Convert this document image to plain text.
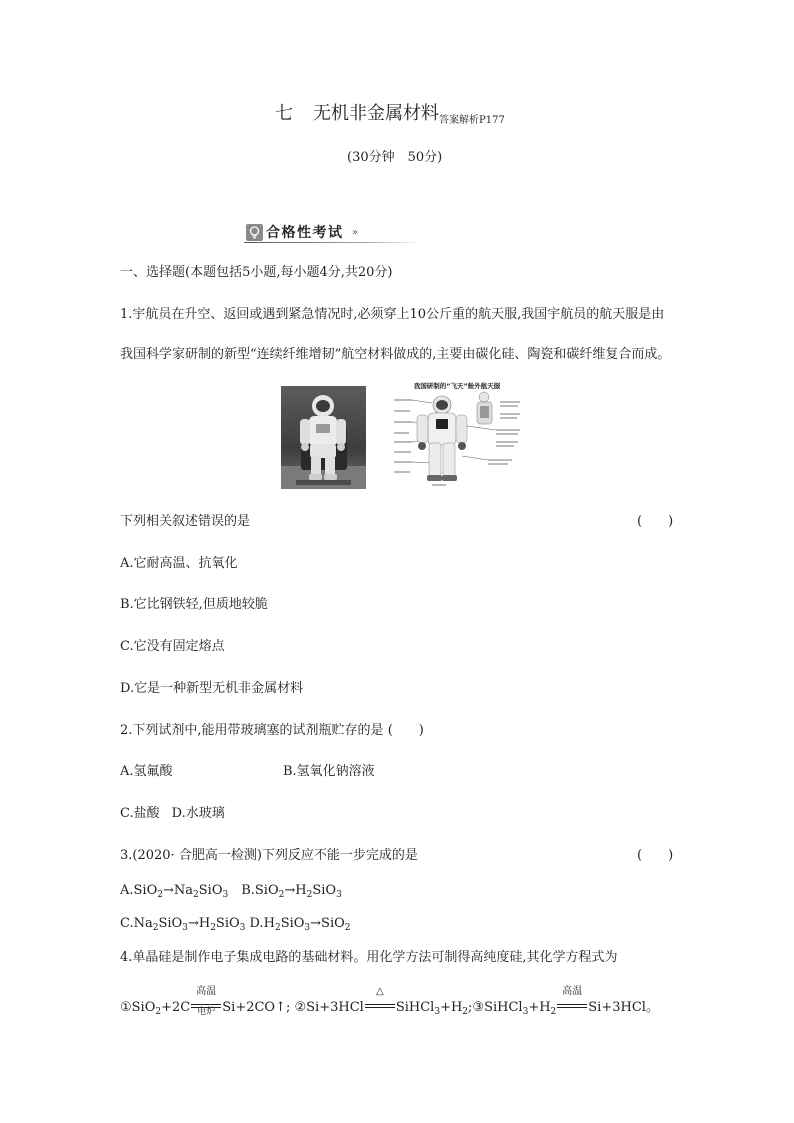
七 无机非金属材料$_{答案解析P177}$
(30分钟　50分)
合格性考试 »
一、选择题(本题包括5小题,每小题4分,共20分)
1.宇航员在升空、返回或遇到紧急情况时,必须穿上10公斤重的航天服,我国宇航员的航天服是由
我国科学家研制的新型“连续纤维增韧”航空材料做成的,主要由碳化硅、陶瓷和碳纤维复合而成。
我国研制的“飞天”舱外航天服
下列相关叙述错误的是	(　　)
A.它耐高温、抗氧化
B.它比钢铁轻,但质地较脆
C.它没有固定熔点
D.它是一种新型无机非金属材料
2.下列试剂中,能用带玻璃塞的试剂瓶贮存的是 (　　)
A.氢氟酸	B.氢氧化钠溶液
C.盐酸 D.水玻璃
3.(2020· 合肥高一检测)下列反应不能一步完成的是	(　　)
$A.SiO_2\to Na_2SiO_3$　$B.SiO_2\to H_2SiO_3$
$C.Na_2SiO_3\to H_2SiO_3$ $D.H_2SiO_3\to SiO_2$
4.单晶硅是制作电子集成电路的基础材料。用化学方法可制得高纯度硅,其化学方程式为
①SiO$_2$+2C
高温
电炉 Si+2CO↑; ②Si+3HCl
△
$SiHCl_3+H_2;③SiHCl_3+H_2$
高温
Si+3HCl。
